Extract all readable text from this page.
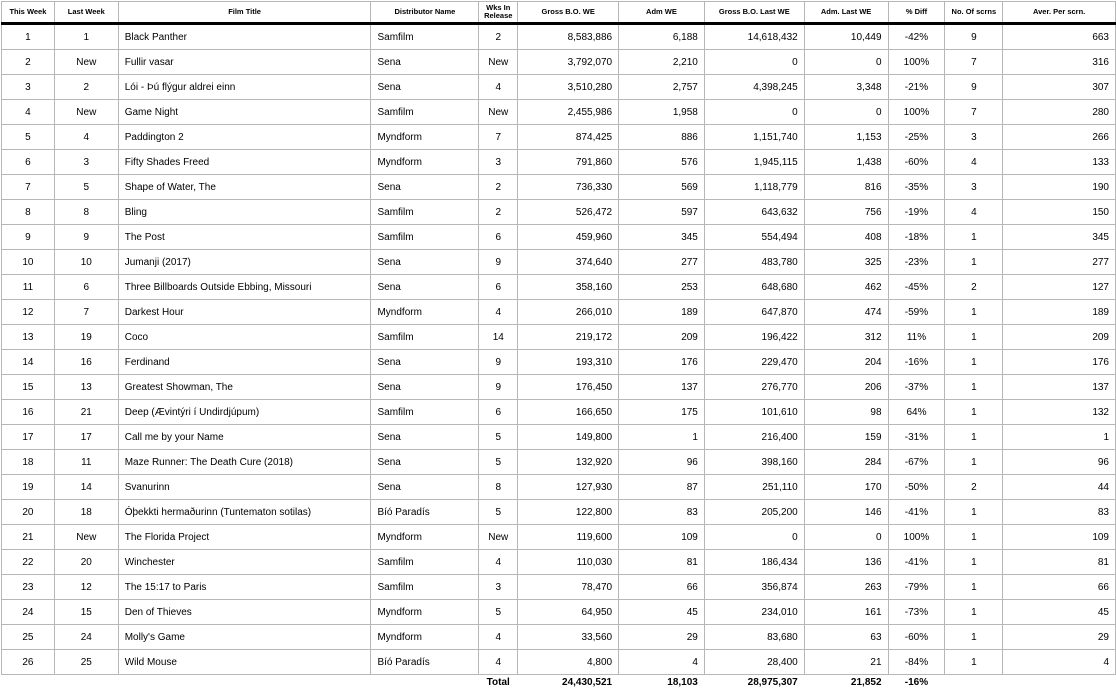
This Week	Last Week	Film Title	Distributor Name	Wks In Release	Gross B.O. WE	Adm WE	Gross B.O. Last WE	Adm. Last WE	% Diff	No. Of scrns	Aver. Per scrn.
1	1	Black Panther	Samfilm	2	8,583,886	6,188	14,618,432	10,449	-42%	9	663
2	New	Fullir vasar	Sena	New	3,792,070	2,210	0	0	100%	7	316
3	2	Lói - Þú flýgur aldrei einn	Sena	4	3,510,280	2,757	4,398,245	3,348	-21%	9	307
4	New	Game Night	Samfilm	New	2,455,986	1,958	0	0	100%	7	280
5	4	Paddington 2	Myndform	7	874,425	886	1,151,740	1,153	-25%	3	266
6	3	Fifty Shades Freed	Myndform	3	791,860	576	1,945,115	1,438	-60%	4	133
7	5	Shape of Water, The	Sena	2	736,330	569	1,118,779	816	-35%	3	190
8	8	Bling	Samfilm	2	526,472	597	643,632	756	-19%	4	150
9	9	The Post	Samfilm	6	459,960	345	554,494	408	-18%	1	345
10	10	Jumanji (2017)	Sena	9	374,640	277	483,780	325	-23%	1	277
11	6	Three Billboards Outside Ebbing, Missouri	Sena	6	358,160	253	648,680	462	-45%	2	127
12	7	Darkest Hour	Myndform	4	266,010	189	647,870	474	-59%	1	189
13	19	Coco	Samfilm	14	219,172	209	196,422	312	11%	1	209
14	16	Ferdinand	Sena	9	193,310	176	229,470	204	-16%	1	176
15	13	Greatest Showman, The	Sena	9	176,450	137	276,770	206	-37%	1	137
16	21	Deep (Ævintýri í Undirdjúpum)	Samfilm	6	166,650	175	101,610	98	64%	1	132
17	17	Call me by your Name	Sena	5	149,800	1	216,400	159	-31%	1	1
18	11	Maze Runner: The Death Cure (2018)	Sena	5	132,920	96	398,160	284	-67%	1	96
19	14	Svanurinn	Sena	8	127,930	87	251,110	170	-50%	2	44
20	18	Óþekkti hermaðurinn (Tuntematon sotilas)	Bíó Paradís	5	122,800	83	205,200	146	-41%	1	83
21	New	The Florida Project	Myndform	New	119,600	109	0	0	100%	1	109
22	20	Winchester	Samfilm	4	110,030	81	186,434	136	-41%	1	81
23	12	The 15:17 to Paris	Samfilm	3	78,470	66	356,874	263	-79%	1	66
24	15	Den of Thieves	Myndform	5	64,950	45	234,010	161	-73%	1	45
25	24	Molly's Game	Myndform	4	33,560	29	83,680	63	-60%	1	29
26	25	Wild Mouse	Bíó Paradís	4	4,800	4	28,400	21	-84%	1	4
				Total	24,430,521	18,103	28,975,307	21,852	-16%		
